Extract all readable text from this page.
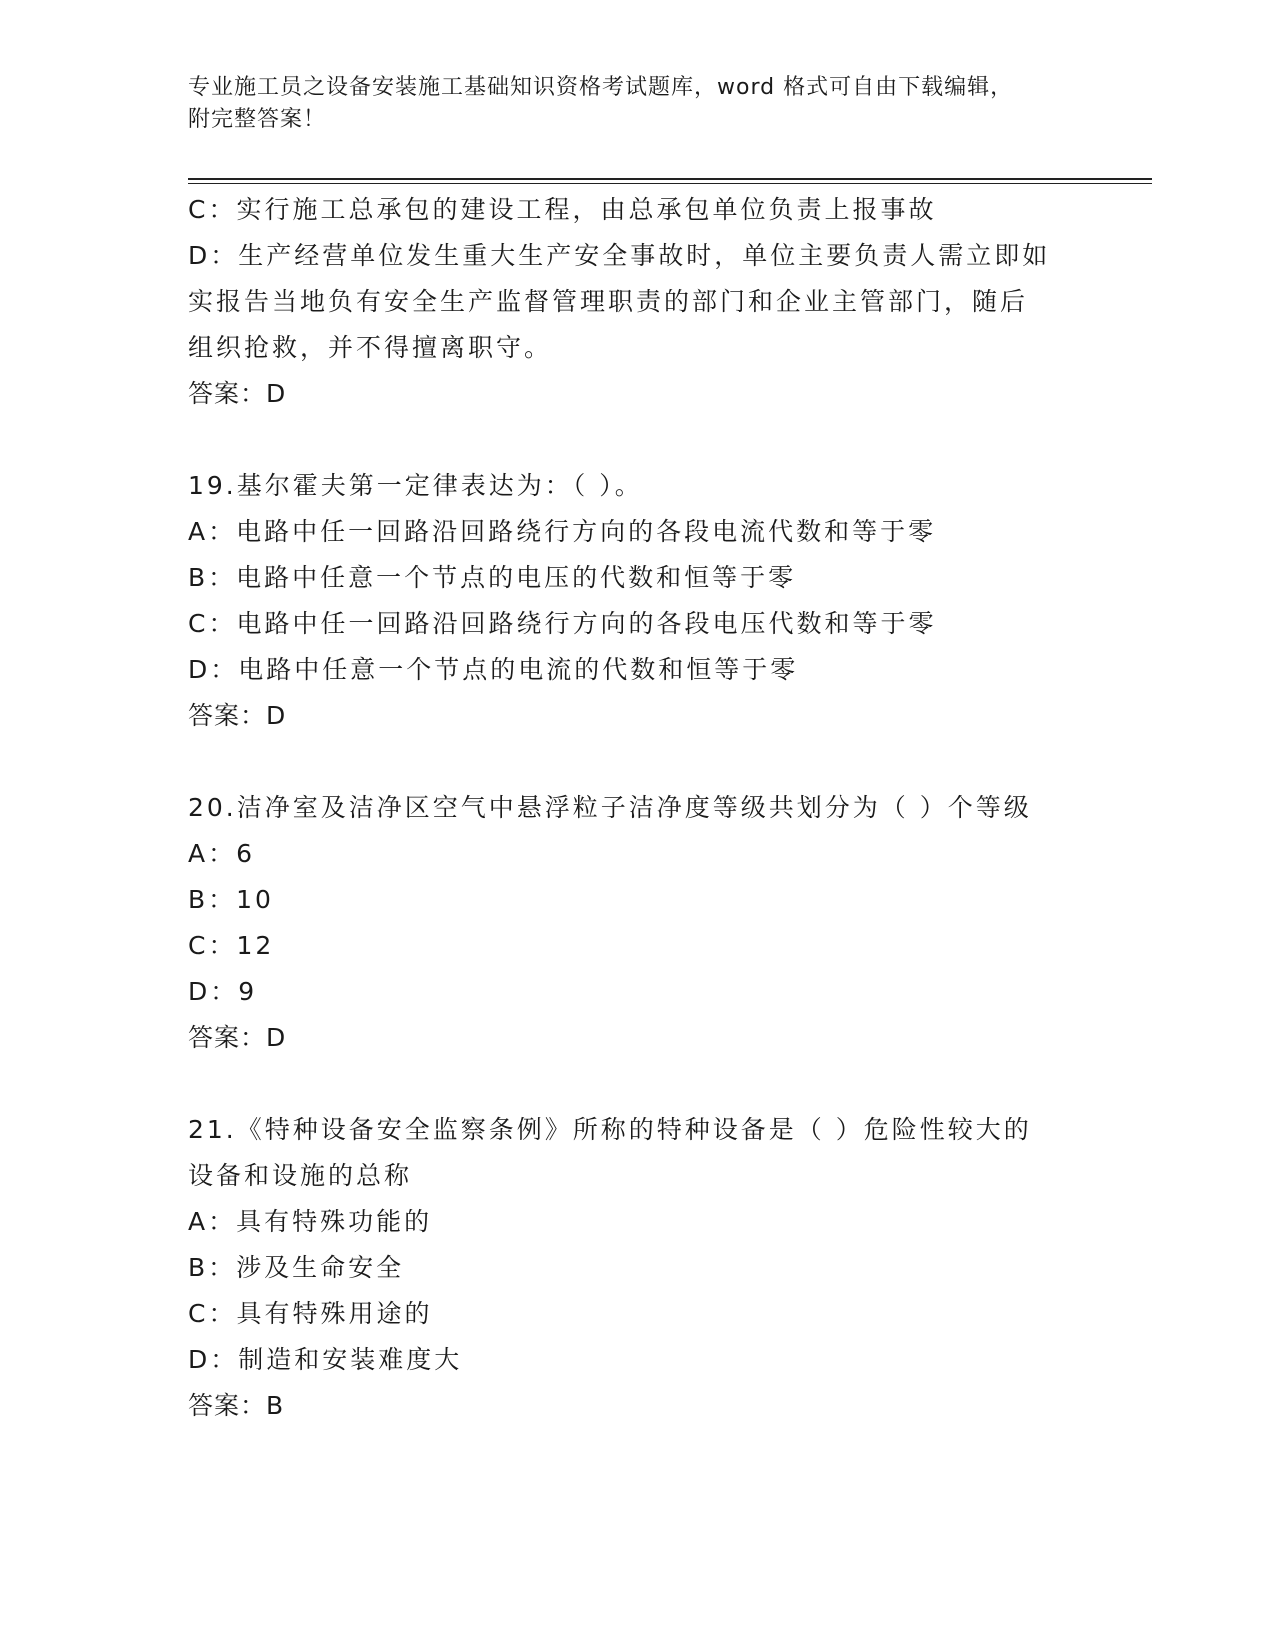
专业施工员之设备安装施工基础知识资格考试题库，word 格式可自由下载编辑，
附完整答案！
C：实行施工总承包的建设工程，由总承包单位负责上报事故
D：生产经营单位发生重大生产安全事故时，单位主要负责人需立即如
实报告当地负有安全生产监督管理职责的部门和企业主管部门，随后
组织抢救，并不得擅离职守。
答案：D
19.基尔霍夫第一定律表达为：（ ）。
A：电路中任一回路沿回路绕行方向的各段电流代数和等于零
B：电路中任意一个节点的电压的代数和恒等于零
C：电路中任一回路沿回路绕行方向的各段电压代数和等于零
D：电路中任意一个节点的电流的代数和恒等于零
答案：D
20.洁净室及洁净区空气中悬浮粒子洁净度等级共划分为（ ）个等级
A：6
B：10
C：12
D：9
答案：D
21.《特种设备安全监察条例》所称的特种设备是（ ）危险性较大的
设备和设施的总称
A：具有特殊功能的
B：涉及生命安全
C：具有特殊用途的
D：制造和安装难度大
答案：B
